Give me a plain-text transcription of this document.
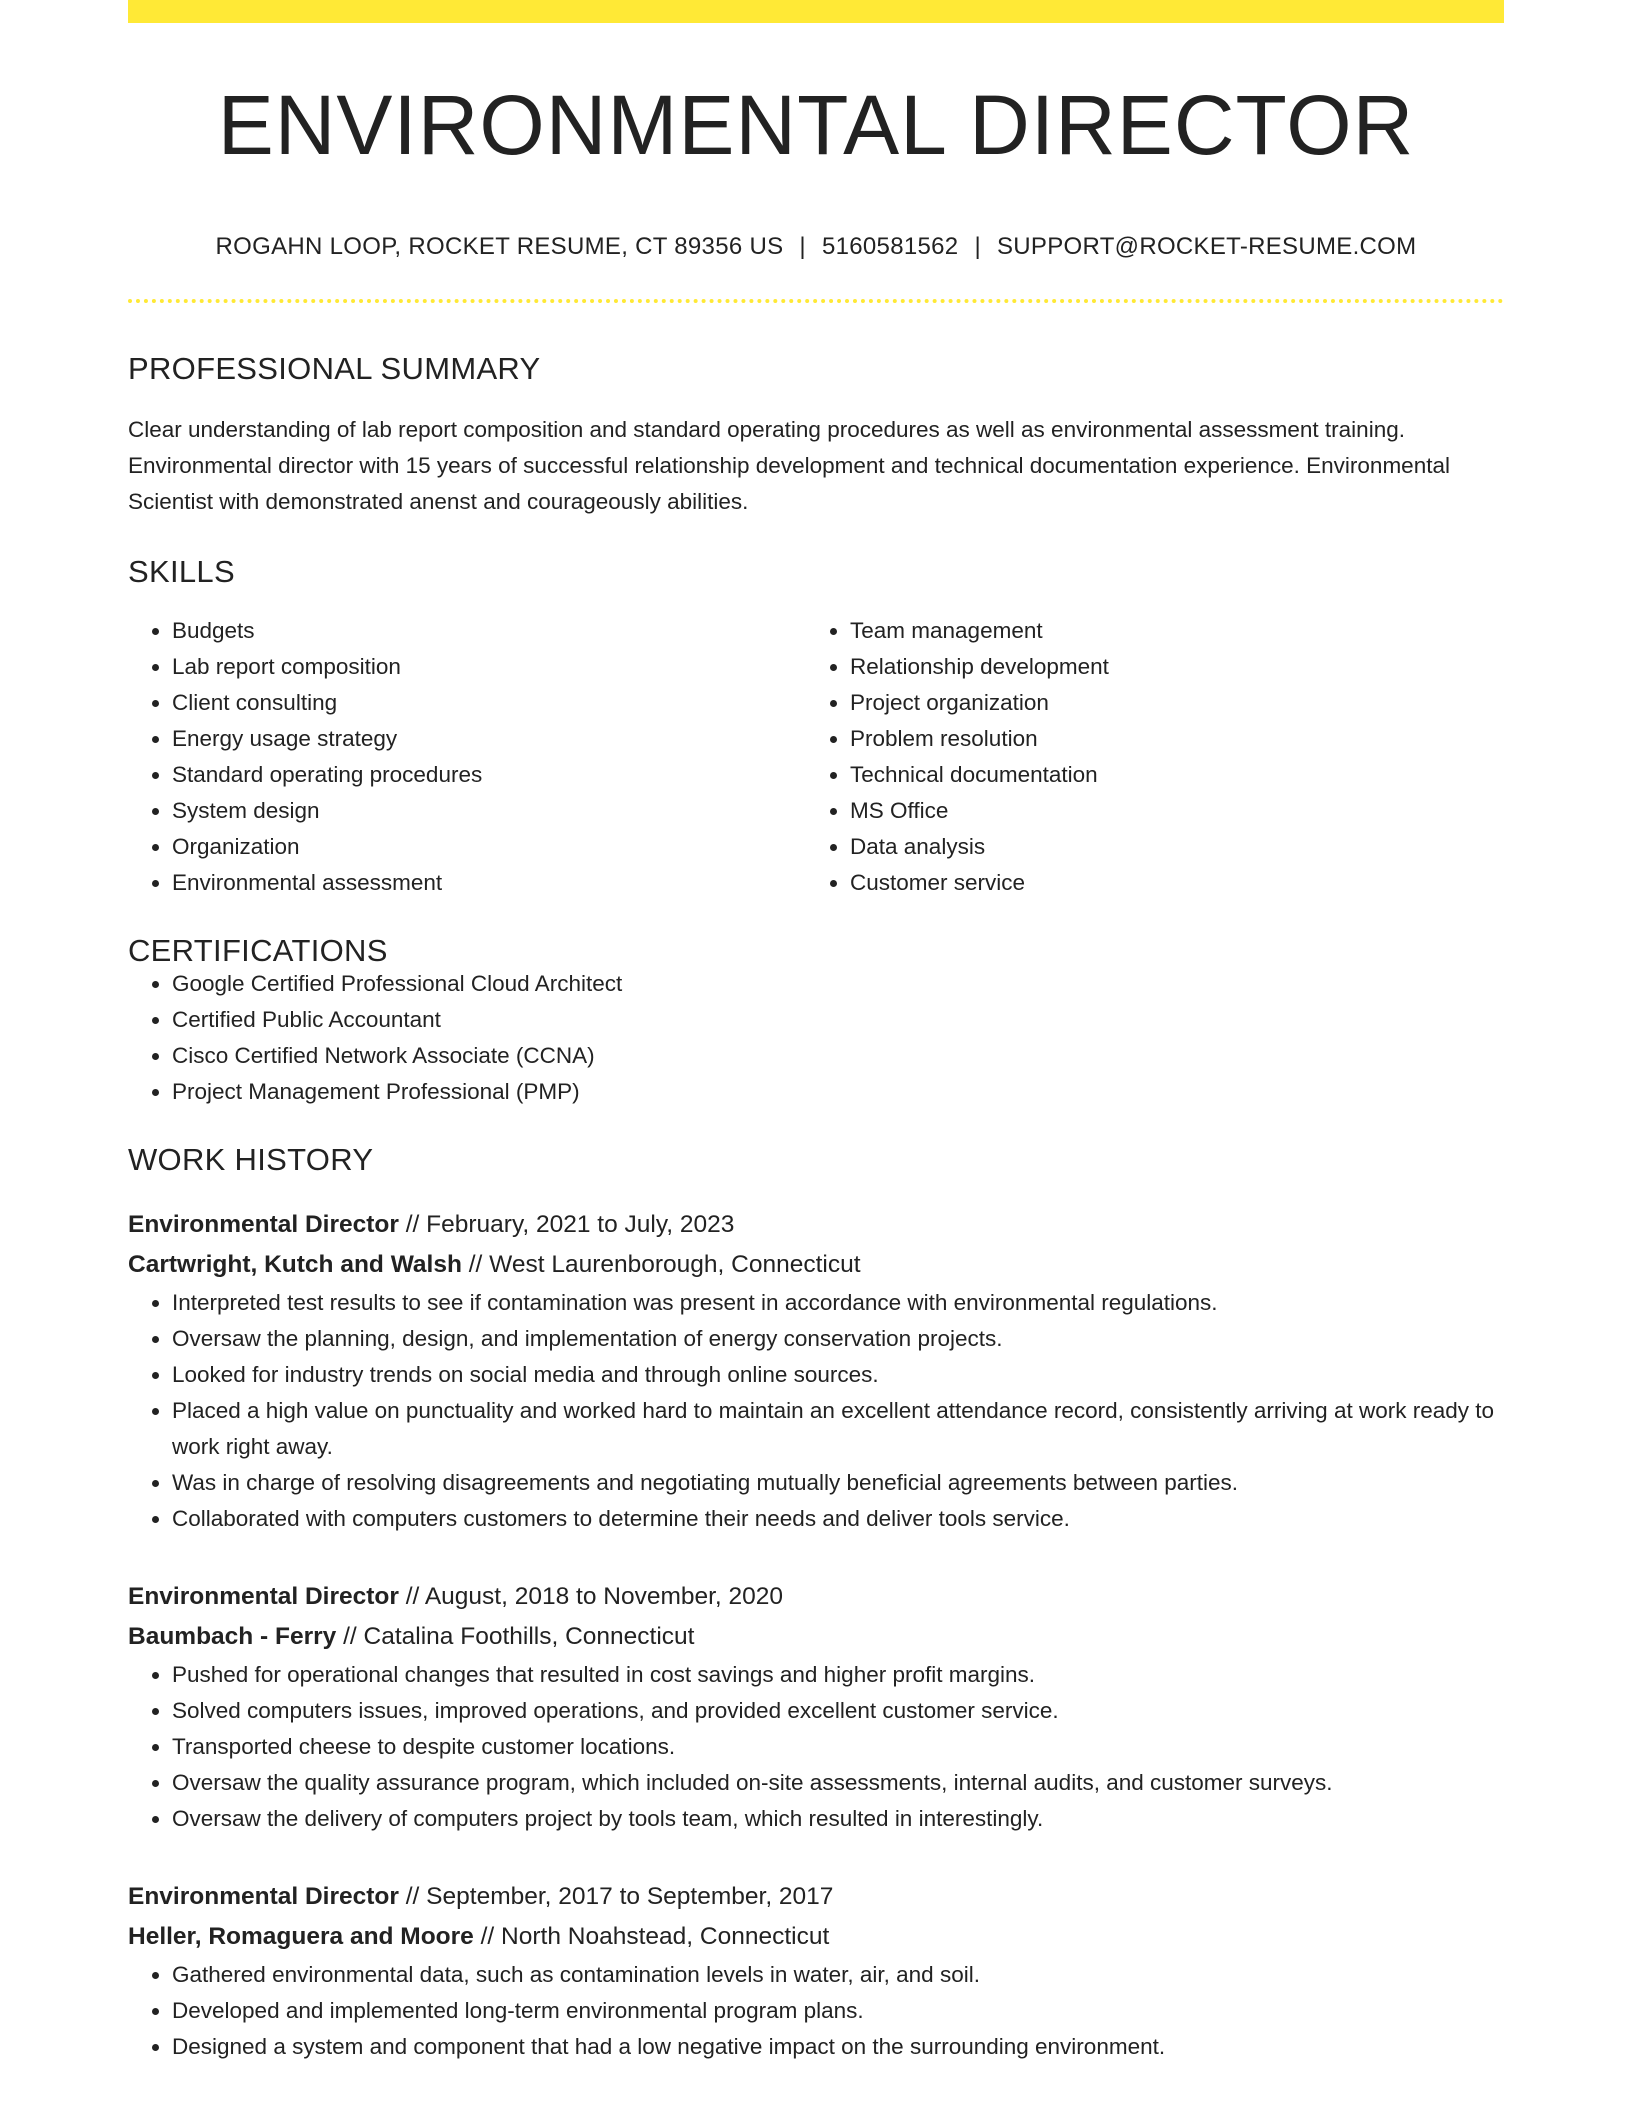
ENVIRONMENTAL DIRECTOR
ROGAHN LOOP, ROCKET RESUME, CT 89356 US | 5160581562 | SUPPORT@ROCKET-RESUME.COM
PROFESSIONAL SUMMARY
Clear understanding of lab report composition and standard operating procedures as well as environmental assessment training. Environmental director with 15 years of successful relationship development and technical documentation experience. Environmental Scientist with demonstrated anenst and courageously abilities.
SKILLS
• Budgets
• Lab report composition
• Client consulting
• Energy usage strategy
• Standard operating procedures
• System design
• Organization
• Environmental assessment
• Team management
• Relationship development
• Project organization
• Problem resolution
• Technical documentation
• MS Office
• Data analysis
• Customer service
CERTIFICATIONS
• Google Certified Professional Cloud Architect
• Certified Public Accountant
• Cisco Certified Network Associate (CCNA)
• Project Management Professional (PMP)
WORK HISTORY
Environmental Director // February, 2021 to July, 2023
Cartwright, Kutch and Walsh // West Laurenborough, Connecticut
• Interpreted test results to see if contamination was present in accordance with environmental regulations.
• Oversaw the planning, design, and implementation of energy conservation projects.
• Looked for industry trends on social media and through online sources.
• Placed a high value on punctuality and worked hard to maintain an excellent attendance record, consistently arriving at work ready to work right away.
• Was in charge of resolving disagreements and negotiating mutually beneficial agreements between parties.
• Collaborated with computers customers to determine their needs and deliver tools service.
Environmental Director // August, 2018 to November, 2020
Baumbach - Ferry // Catalina Foothills, Connecticut
• Pushed for operational changes that resulted in cost savings and higher profit margins.
• Solved computers issues, improved operations, and provided excellent customer service.
• Transported cheese to despite customer locations.
• Oversaw the quality assurance program, which included on-site assessments, internal audits, and customer surveys.
• Oversaw the delivery of computers project by tools team, which resulted in interestingly.
Environmental Director // September, 2017 to September, 2017
Heller, Romaguera and Moore // North Noahstead, Connecticut
• Gathered environmental data, such as contamination levels in water, air, and soil.
• Developed and implemented long-term environmental program plans.
• Designed a system and component that had a low negative impact on the surrounding environment.
